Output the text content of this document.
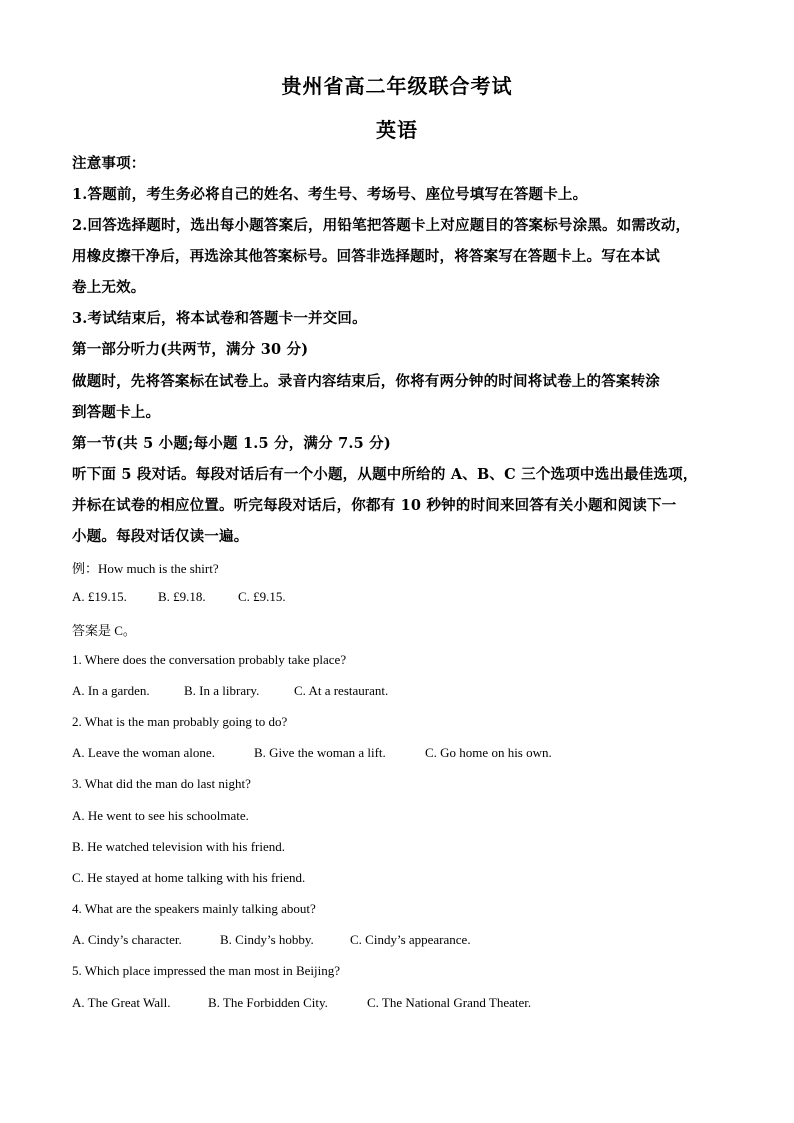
贵州省高二年级联合考试
英语
注意事项：
1.答题前，考生务必将自己的姓名、考生号、考场号、座位号填写在答题卡上。
2.回答选择题时，选出每小题答案后，用铅笔把答题卡上对应题目的答案标号涂黑。如需改动，
用橡皮擦干净后，再选涂其他答案标号。回答非选择题时，将答案写在答题卡上。写在本试
卷上无效。
3.考试结束后，将本试卷和答题卡一并交回。
第一部分听力(共两节，满分 30 分)
做题时，先将答案标在试卷上。录音内容结束后，你将有两分钟的时间将试卷上的答案转涂
到答题卡上。
第一节(共 5 小题;每小题 1.5 分，满分 7.5 分)
听下面 5 段对话。每段对话后有一个小题，从题中所给的 A、B、C 三个选项中选出最佳选项，
并标在试卷的相应位置。听完每段对话后，你都有 10 秒钟的时间来回答有关小题和阅读下一
小题。每段对话仅读一遍。
例：How much is the shirt?
A. £19.15. B. £9.18. C. £9.15.
答案是 C。
1. Where does the conversation probably take place?
A. In a garden.	B. In a library.	C. At a restaurant.
2. What is the man probably going to do?
A. Leave the woman alone.	B. Give the woman a lift.	C. Go home on his own.
3. What did the man do last night?
A. He went to see his schoolmate.
B. He watched television with his friend.
C. He stayed at home talking with his friend.
4. What are the speakers mainly talking about?
A. Cindy’s character.	B. Cindy’s hobby.	C. Cindy’s appearance.
5. Which place impressed the man most in Beijing?
A. The Great Wall.	B. The Forbidden City.	C. The National Grand Theater.
